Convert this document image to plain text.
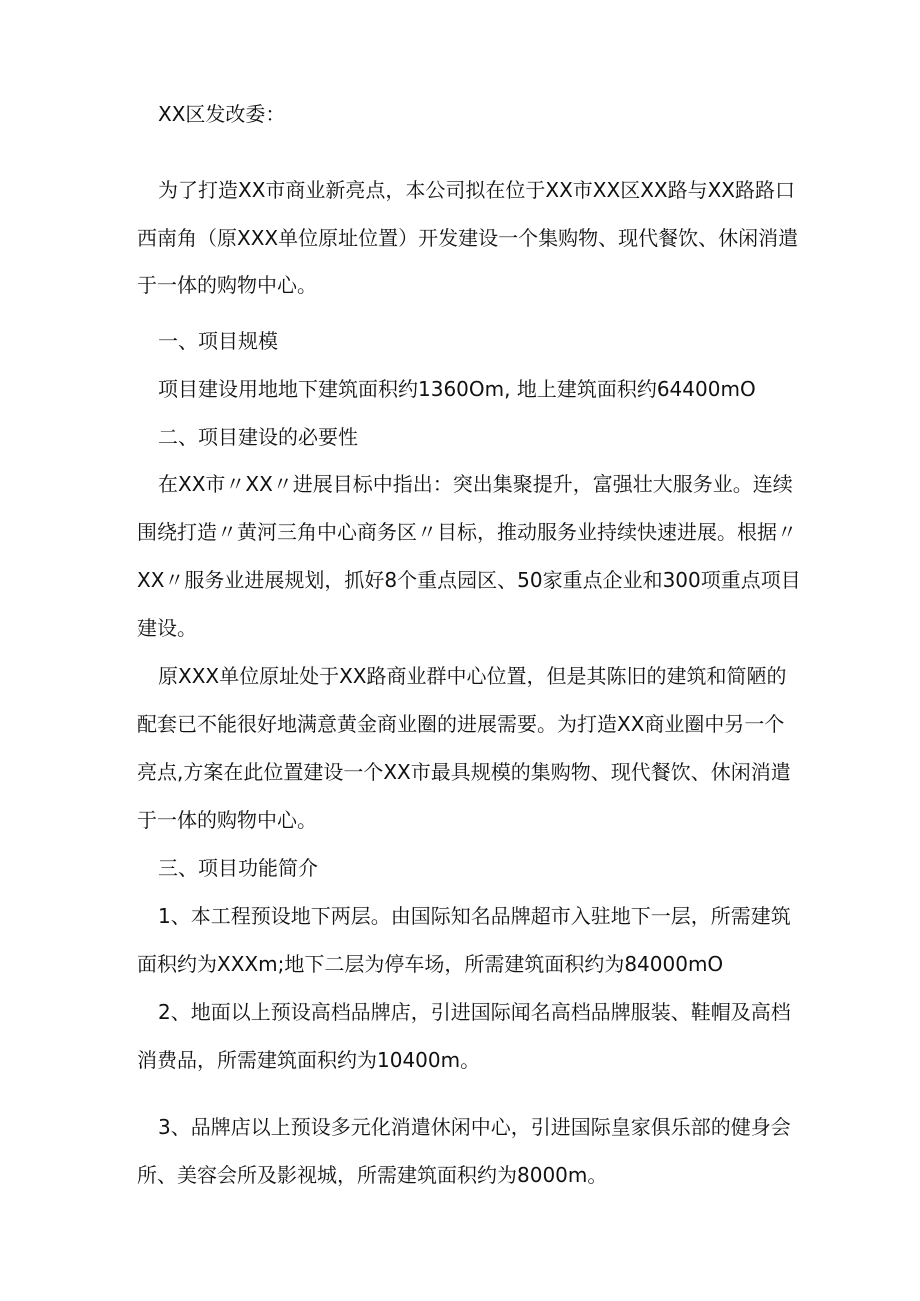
XX区发改委：
为了打造XX市商业新亮点，本公司拟在位于XX市XX区XX路与XX路路口
西南角（原XXX单位原址位置）开发建设一个集购物、现代餐饮、休闲消遣
于一体的购物中心。
一、项目规模
项目建设用地地下建筑面积约1360Om, 地上建筑面积约64400mO
二、项目建设的必要性
在XX市〃XX〃进展目标中指出：突出集聚提升，富强壮大服务业。连续
围绕打造〃黄河三角中心商务区〃目标，推动服务业持续快速进展。根据〃
XX〃服务业进展规划，抓好8个重点园区、50家重点企业和300项重点项目
建设。
原XXX单位原址处于XX路商业群中心位置，但是其陈旧的建筑和简陋的
配套已不能很好地满意黄金商业圈的进展需要。为打造XX商业圈中另一个
亮点,方案在此位置建设一个XX市最具规模的集购物、现代餐饮、休闲消遣
于一体的购物中心。
三、项目功能简介
1、本工程预设地下两层。由国际知名品牌超市入驻地下一层，所需建筑
面积约为XXXm;地下二层为停车场，所需建筑面积约为84000mO
2、地面以上预设高档品牌店，引进国际闻名高档品牌服装、鞋帽及高档
消费品，所需建筑面积约为10400m。
3、品牌店以上预设多元化消遣休闲中心，引进国际皇家俱乐部的健身会
所、美容会所及影视城，所需建筑面积约为8000m。
